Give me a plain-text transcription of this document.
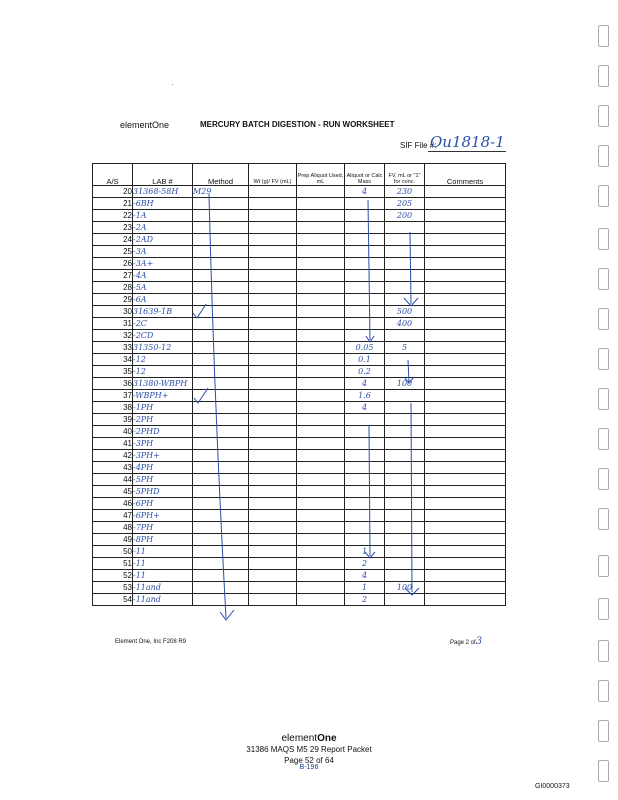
elementOne	MERCURY BATCH DIGESTION - RUN WORKSHEET
SIF File #:
Ou1818-1
A/S	LAB #	Method	Wt (g)/ FV (mL)	Prep Aliquot Used, mL	Aliquot or Calc Mass	FV, mL or "1" for conc.	Comments
20	31368-58H	M29			4	230	
21	-6BH					205	
22	-1A					200	
23	-2A						
24	-2AD						
25	-3A						
26	-3A+						
27	-4A						
28	-5A						
29	-6A						
30	31639-1B					500	
31	-2C					400	
32	-2CD						
33	31350-12				0.05	5	
34	-12				0.1		
35	-12				0.2		
36	31380-WBPH				4	100	
37	-WBPH+				1.6		
38	-1PH				4		
39	-2PH						
40	-2PHD						
41	-3PH						
42	-3PH+						
43	-4PH						
44	-5PH						
45	-5PHD						
46	-6PH						
47	-6PH+						
48	-7PH						
49	-8PH						
50	-11				1		
51	-11				2		
52	-11				4		
53	-11and				1	100	
54	-11and				2		
Element One, Inc F208 R9	Page 2 of3
elementOne
31386 MAQS M5 29 Report Packet
Page 52 of 64
B-196
GI0000373
